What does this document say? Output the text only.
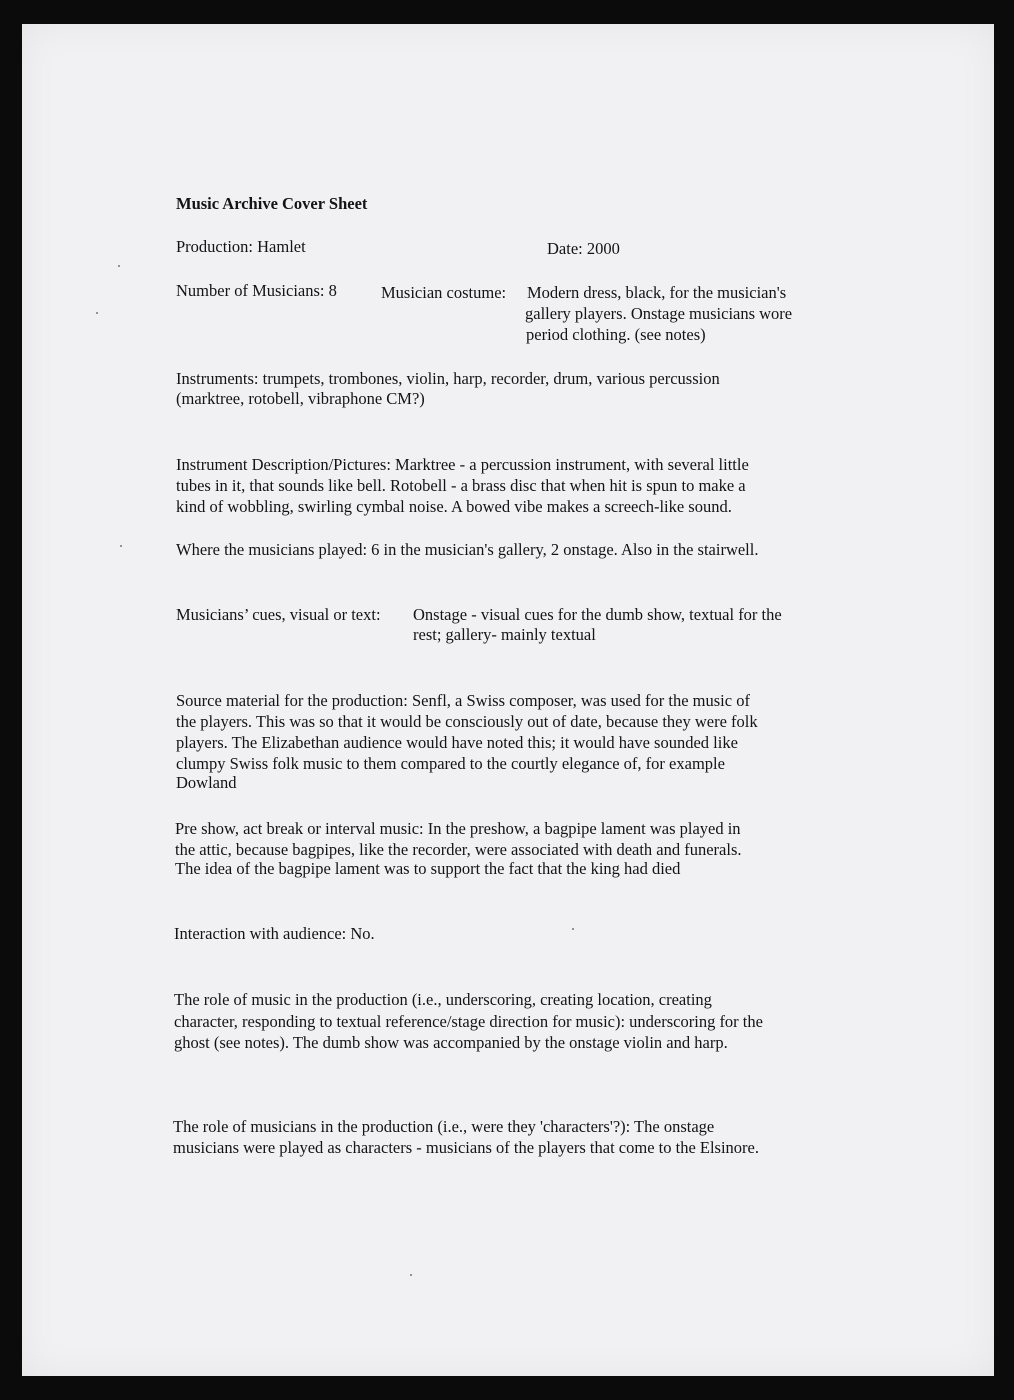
Music Archive Cover Sheet
Production: Hamlet	Date: 2000
Number of Musicians: 8	Musician costume: Modern dress, black, for the musician's
gallery players. Onstage musicians wore
period clothing. (see notes)
Instruments: trumpets, trombones, violin, harp, recorder, drum, various percussion
(marktree, rotobell, vibraphone CM?)
Instrument Description/Pictures: Marktree - a percussion instrument, with several little
tubes in it, that sounds like bell. Rotobell - a brass disc that when hit is spun to make a
kind of wobbling, swirling cymbal noise. A bowed vibe makes a screech-like sound.
Where the musicians played: 6 in the musician's gallery, 2 onstage. Also in the stairwell.
Musicians’ cues, visual or text: Onstage - visual cues for the dumb show, textual for the
rest; gallery- mainly textual
Source material for the production: Senfl, a Swiss composer, was used for the music of
the players. This was so that it would be consciously out of date, because they were folk
players. The Elizabethan audience would have noted this; it would have sounded like
clumpy Swiss folk music to them compared to the courtly elegance of, for example
Dowland
Pre show, act break or interval music: In the preshow, a bagpipe lament was played in
the attic, because bagpipes, like the recorder, were associated with death and funerals.
The idea of the bagpipe lament was to support the fact that the king had died
Interaction with audience: No.
The role of music in the production (i.e., underscoring, creating location, creating
character, responding to textual reference/stage direction for music): underscoring for the
ghost (see notes). The dumb show was accompanied by the onstage violin and harp.
The role of musicians in the production (i.e., were they 'characters'?): The onstage
musicians were played as characters - musicians of the players that come to the Elsinore.
